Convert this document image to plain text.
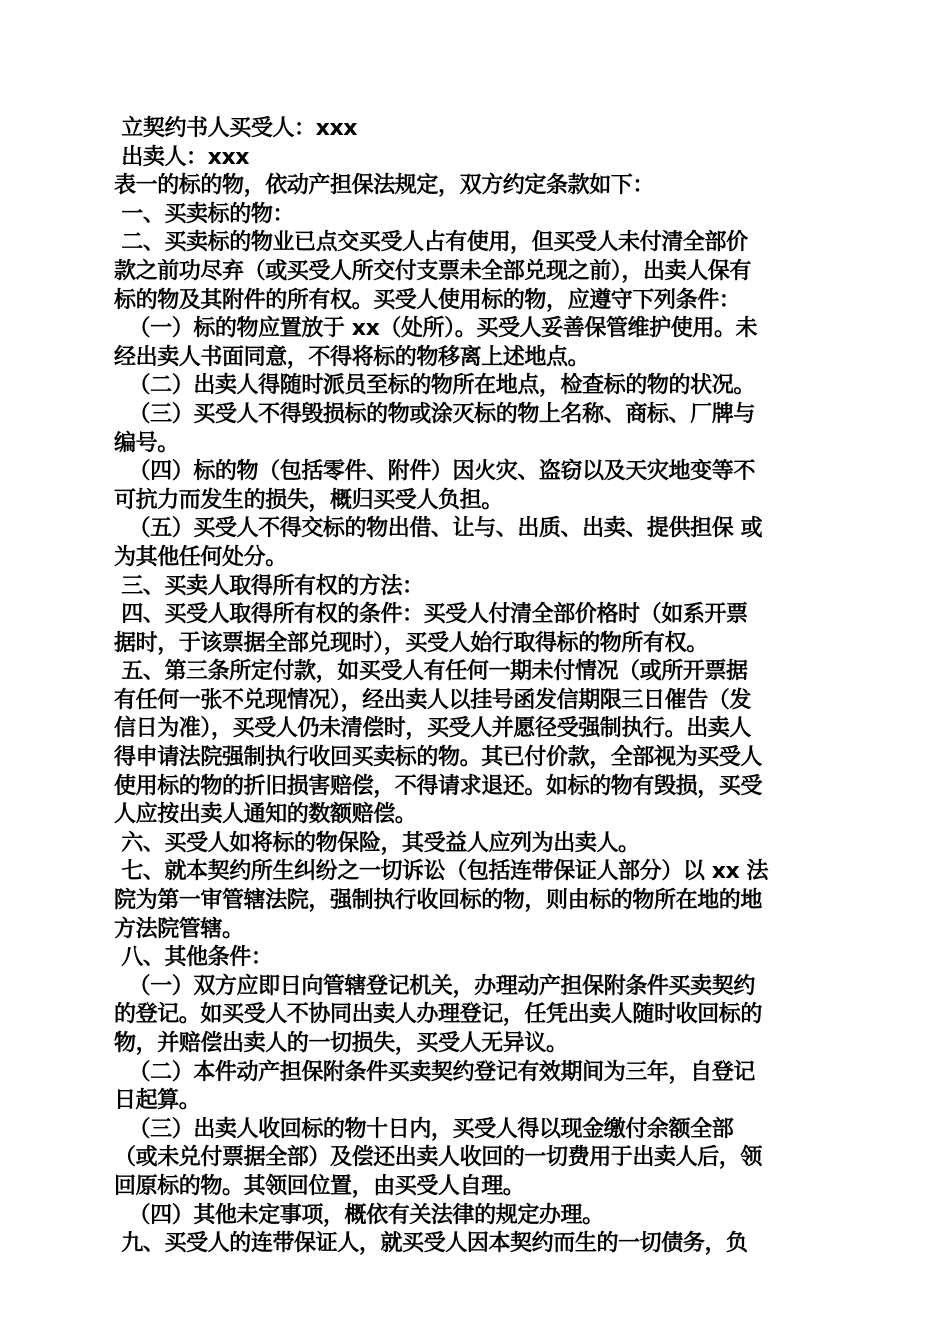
立契约书人买受人：xxx
出卖人：xxx
表一的标的物，依动产担保法规定，双方约定条款如下：
一、买卖标的物：
二、买卖标的物业已点交买受人占有使用，但买受人未付清全部价
款之前功尽弃（或买受人所交付支票未全部兑现之前），出卖人保有
标的物及其附件的所有权。买受人使用标的物，应遵守下列条件：
（一）标的物应置放于 xx（处所）。买受人妥善保管维护使用。未
经出卖人书面同意，不得将标的物移离上述地点。
（二）出卖人得随时派员至标的物所在地点，检查标的物的状况。
（三）买受人不得毁损标的物或涂灭标的物上名称、商标、厂牌与
编号。
（四）标的物（包括零件、附件）因火灾、盗窃以及天灾地变等不
可抗力而发生的损失，概归买受人负担。
（五）买受人不得交标的物出借、让与、出质、出卖、提供担保 或
为其他任何处分。
三、买卖人取得所有权的方法：
四、买受人取得所有权的条件：买受人付清全部价格时（如系开票
据时，于该票据全部兑现时），买受人始行取得标的物所有权。
五、第三条所定付款，如买受人有任何一期未付情况（或所开票据
有任何一张不兑现情况），经出卖人以挂号函发信期限三日催告（发
信日为准），买受人仍未清偿时，买受人并愿径受强制执行。出卖人
得申请法院强制执行收回买卖标的物。其已付价款，全部视为买受人
使用标的物的折旧损害赔偿，不得请求退还。如标的物有毁损，买受
人应按出卖人通知的数额赔偿。
六、买受人如将标的物保险，其受益人应列为出卖人。
七、就本契约所生纠纷之一切诉讼（包括连带保证人部分）以 xx 法
院为第一审管辖法院，强制执行收回标的物，则由标的物所在地的地
方法院管辖。
八、其他条件：
（一）双方应即日向管辖登记机关，办理动产担保附条件买卖契约
的登记。如买受人不协同出卖人办理登记，任凭出卖人随时收回标的
物，并赔偿出卖人的一切损失，买受人无异议。
（二）本件动产担保附条件买卖契约登记有效期间为三年，自登记
日起算。
（三）出卖人收回标的物十日内，买受人得以现金缴付余额全部
（或未兑付票据全部）及偿还出卖人收回的一切费用于出卖人后，领
回原标的物。其领回位置，由买受人自理。
（四）其他未定事项，概依有关法律的规定办理。
九、买受人的连带保证人，就买受人因本契约而生的一切债务，负
